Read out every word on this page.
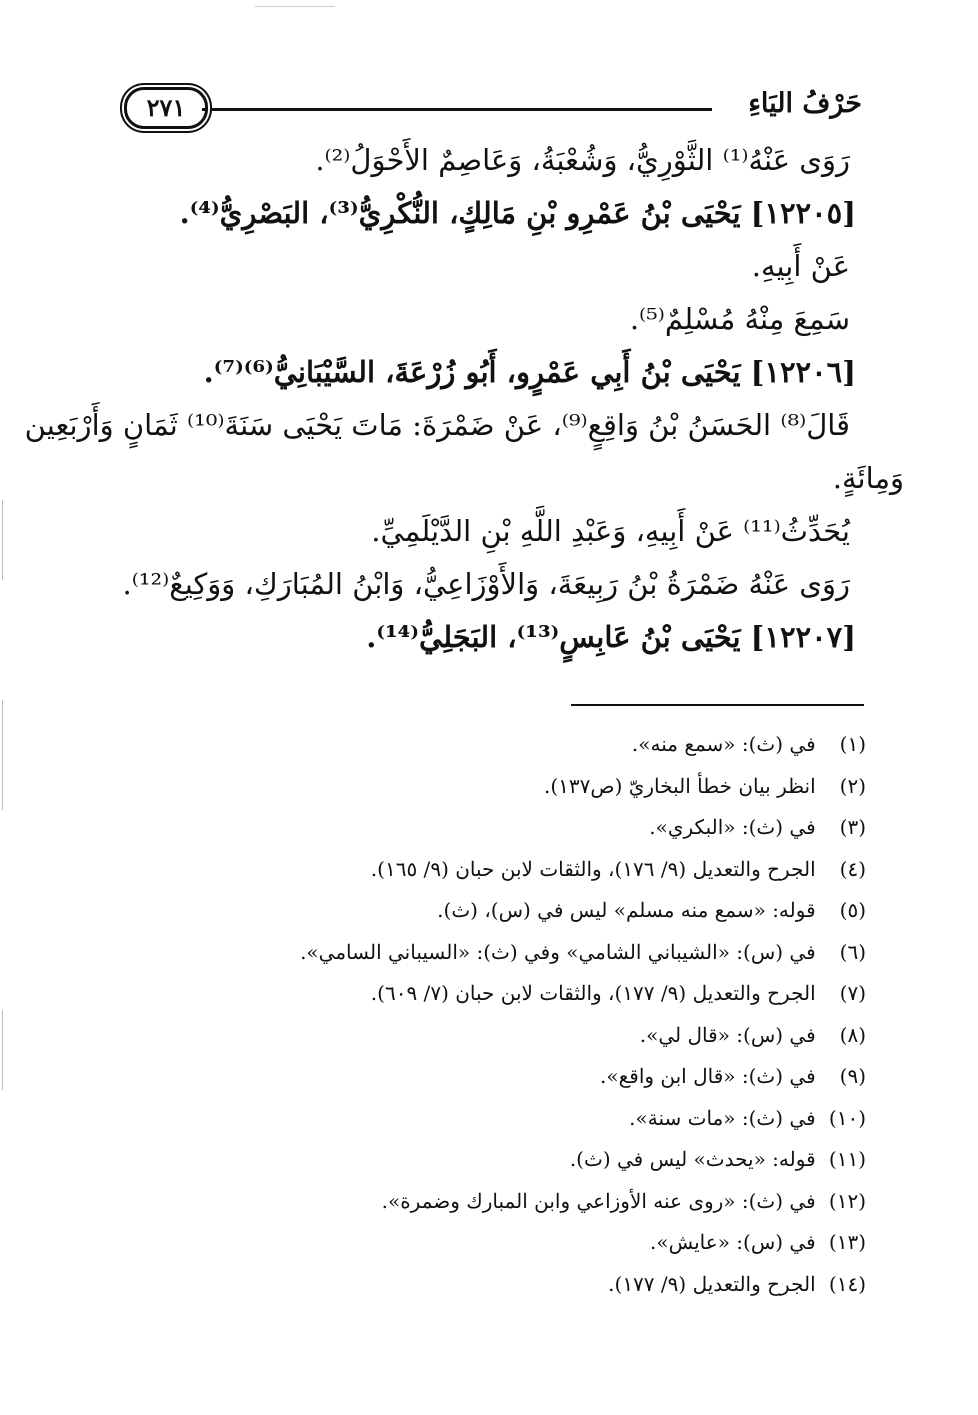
حَرْفُ اليَاءِ
٢٧١

رَوَى عَنْهُ⁽¹⁾ الثَّوْرِيُّ، وَشُعْبَةُ، وَعَاصِمٌ الأَحْوَلُ⁽²⁾.

[١٢٢٠٥] يَحْيَى بْنُ عَمْرِو بْنِ مَالِكٍ، النُّكْرِيُّ⁽³⁾، البَصْرِيُّ⁽⁴⁾.

عَنْ أَبِيهِ.

سَمِعَ مِنْهُ مُسْلِمٌ⁽⁵⁾.

[١٢٢٠٦] يَحْيَى بْنُ أَبِي عَمْرٍو، أَبُو زُرْعَةَ، السَّيْبَانِيُّ⁽⁶⁾⁽⁷⁾.

قَالَ⁽⁸⁾ الحَسَنُ بْنُ وَاقِعٍ⁽⁹⁾، عَنْ ضَمْرَةَ: مَاتَ يَحْيَى سَنَةَ⁽¹⁰⁾ ثَمَانٍ وَأَرْبَعِين

وَمِائَةٍ.

يُحَدِّثُ⁽¹¹⁾ عَنْ أَبِيهِ، وَعَبْدِ اللَّهِ بْنِ الدَّيْلَمِيِّ.

رَوَى عَنْهُ ضَمْرَةُ بْنُ رَبِيعَةَ، وَالأَوْزَاعِيُّ، وَابْنُ المُبَارَكِ، وَوَكِيعٌ⁽¹²⁾.

[١٢٢٠٧] يَحْيَى بْنُ عَابِسٍ⁽¹³⁾، البَجَلِيُّ⁽¹⁴⁾.

(١) في (ث): «سمع منه».
(٢) انظر بيان خطأ البخاريّ (ص١٣٧).
(٣) في (ث): «البكري».
(٤) الجرح والتعديل (٩/ ١٧٦)، والثقات لابن حبان (٩/ ١٦٥).
(٥) قوله: «سمع منه مسلم» ليس في (س)، (ث).
(٦) في (س): «الشيباني الشامي» وفي (ث): «السيباني السامي».
(٧) الجرح والتعديل (٩/ ١٧٧)، والثقات لابن حبان (٧/ ٦٠٩).
(٨) في (س): «قال لي».
(٩) في (ث): «قال ابن واقع».
(١٠) في (ث): «مات سنة».
(١١) قوله: «يحدث» ليس في (ث).
(١٢) في (ث): «روى عنه الأوزاعي وابن المبارك وضمرة».
(١٣) في (س): «عايش».
(١٤) الجرح والتعديل (٩/ ١٧٧).
